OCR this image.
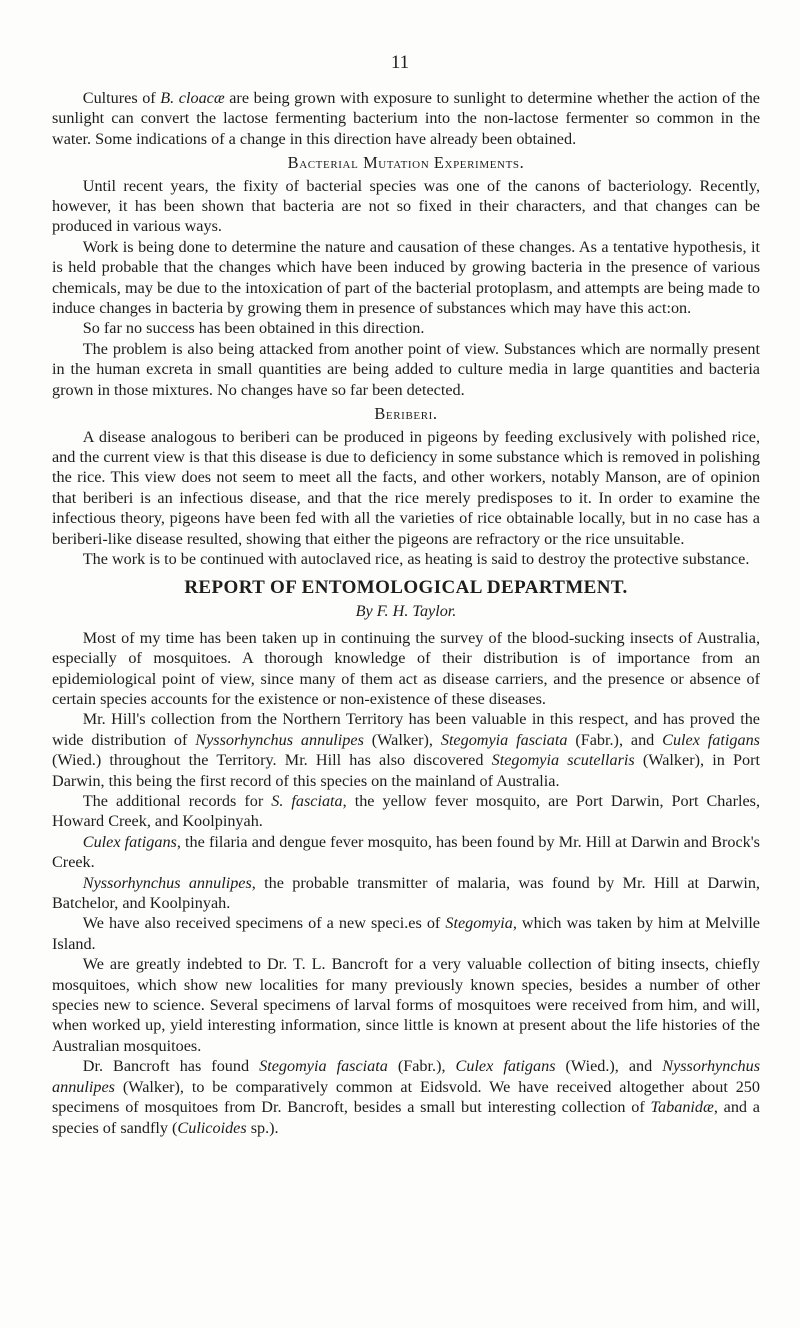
11

Cultures of B. cloacæ are being grown with exposure to sunlight to determine whether the action of the sunlight can convert the lactose fermenting bacterium into the non-lactose fermenter so common in the water. Some indications of a change in this direction have already been obtained.

Bacterial Mutation Experiments.

Until recent years, the fixity of bacterial species was one of the canons of bacteriology. Recently, however, it has been shown that bacteria are not so fixed in their characters, and that changes can be produced in various ways.

Work is being done to determine the nature and causation of these changes. As a tentative hypothesis, it is held probable that the changes which have been induced by growing bacteria in the presence of various chemicals, may be due to the intoxication of part of the bacterial protoplasm, and attempts are being made to induce changes in bacteria by growing them in presence of substances which may have this act:on.

So far no success has been obtained in this direction.

The problem is also being attacked from another point of view. Substances which are normally present in the human excreta in small quantities are being added to culture media in large quantities and bacteria grown in those mixtures. No changes have so far been detected.

Beriberi.

A disease analogous to beriberi can be produced in pigeons by feeding exclusively with polished rice, and the current view is that this disease is due to deficiency in some substance which is removed in polishing the rice. This view does not seem to meet all the facts, and other workers, notably Manson, are of opinion that beriberi is an infectious disease, and that the rice merely predisposes to it. In order to examine the infectious theory, pigeons have been fed with all the varieties of rice obtainable locally, but in no case has a beriberi-like disease resulted, showing that either the pigeons are refractory or the rice unsuitable.

The work is to be continued with autoclaved rice, as heating is said to destroy the protective substance.

REPORT OF ENTOMOLOGICAL DEPARTMENT.
By F. H. Taylor.

Most of my time has been taken up in continuing the survey of the blood-sucking insects of Australia, especially of mosquitoes. A thorough knowledge of their distribution is of importance from an epidemiological point of view, since many of them act as disease carriers, and the presence or absence of certain species accounts for the existence or non-existence of these diseases.

Mr. Hill's collection from the Northern Territory has been valuable in this respect, and has proved the wide distribution of Nyssorhynchus annulipes (Walker), Stegomyia fasciata (Fabr.), and Culex fatigans (Wied.) throughout the Territory. Mr. Hill has also discovered Stegomyia scutellaris (Walker), in Port Darwin, this being the first record of this species on the mainland of Australia.

The additional records for S. fasciata, the yellow fever mosquito, are Port Darwin, Port Charles, Howard Creek, and Koolpinyah.

Culex fatigans, the filaria and dengue fever mosquito, has been found by Mr. Hill at Darwin and Brock's Creek.

Nyssorhynchus annulipes, the probable transmitter of malaria, was found by Mr. Hill at Darwin, Batchelor, and Koolpinyah.

We have also received specimens of a new speci.es of Stegomyia, which was taken by him at Melville Island.

We are greatly indebted to Dr. T. L. Bancroft for a very valuable collection of biting insects, chiefly mosquitoes, which show new localities for many previously known species, besides a number of other species new to science. Several specimens of larval forms of mosquitoes were received from him, and will, when worked up, yield interesting information, since little is known at present about the life histories of the Australian mosquitoes.

Dr. Bancroft has found Stegomyia fasciata (Fabr.), Culex fatigans (Wied.), and Nyssorhynchus annulipes (Walker), to be comparatively common at Eidsvold. We have received altogether about 250 specimens of mosquitoes from Dr. Bancroft, besides a small but interesting collection of Tabanidæ, and a species of sandfly (Culicoides sp.).
